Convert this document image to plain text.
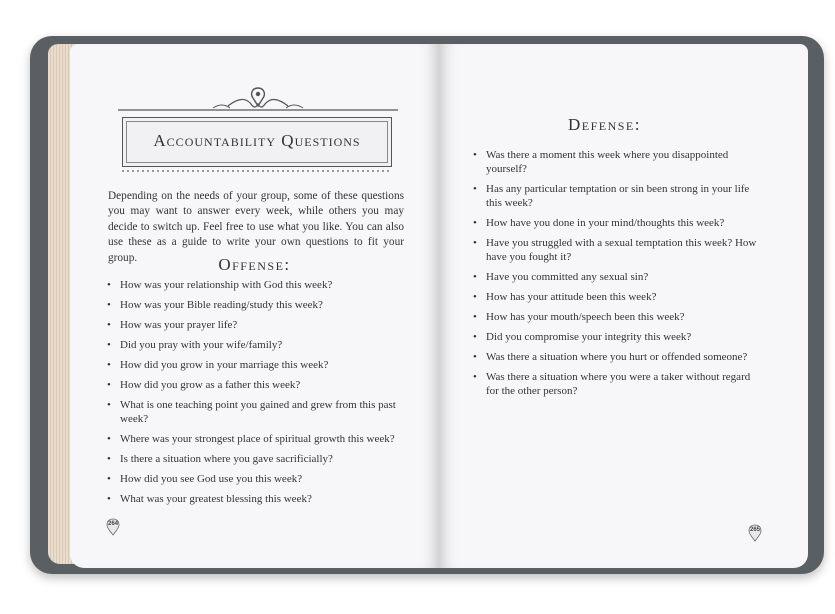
Accountability Questions
Depending on the needs of your group, some of these questions you may want to answer every week, while others you may decide to switch up. Feel free to use what you like. You can also use these as a guide to write your own questions to fit your group.	Offense:
• How was your relationship with God this week?
• How was your Bible reading/study this week?
• How was your prayer life?
• Did you pray with your wife/family?
• How did you grow in your marriage this week?
• How did you grow as a father this week?
• What is one teaching point you gained and grew from this past week?
• Where was your strongest place of spiritual growth this week?
• Is there a situation where you gave sacrificially?
• How did you see God use you this week?
• What was your greatest blessing this week?
264
Defense:
• Was there a moment this week where you disappointed yourself?
• Has any particular temptation or sin been strong in your life this week?
• How have you done in your mind/thoughts this week?
• Have you struggled with a sexual temptation this week? How have you fought it?
• Have you committed any sexual sin?
• How has your attitude been this week?
• How has your mouth/speech been this week?
• Did you compromise your integrity this week?
• Was there a situation where you hurt or offended someone?
• Was there a situation where you were a taker without regard for the other person?
265
